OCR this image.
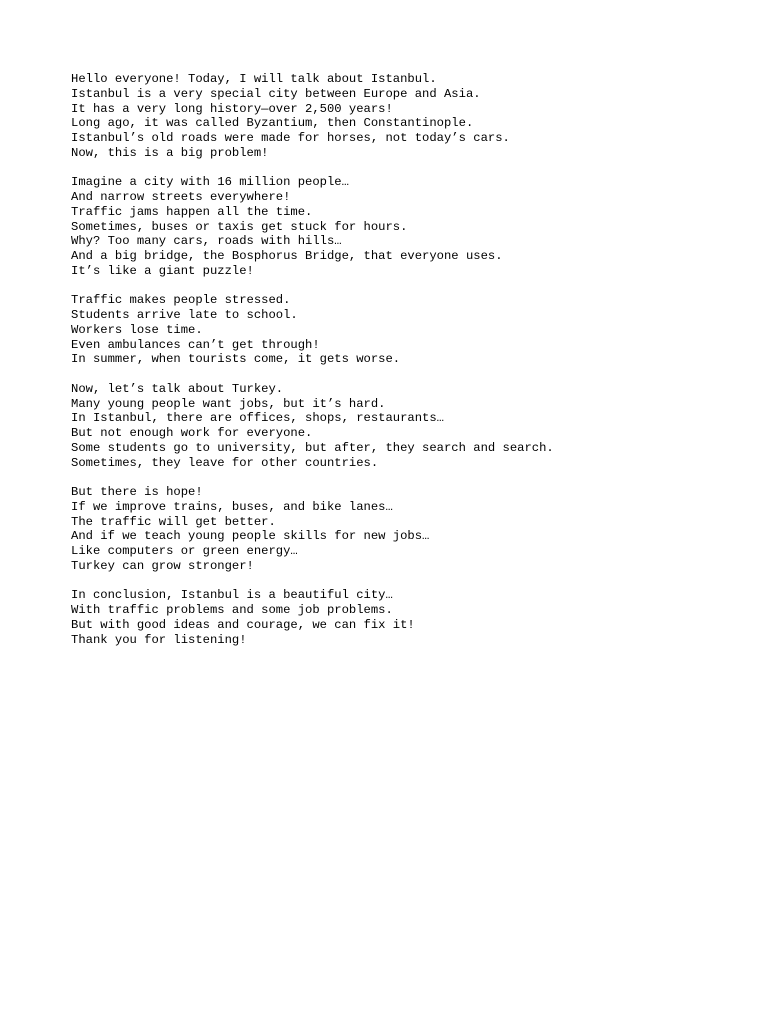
Hello everyone! Today, I will talk about Istanbul.
Istanbul is a very special city between Europe and Asia.
It has a very long history—over 2,500 years!
Long ago, it was called Byzantium, then Constantinople.
Istanbul’s old roads were made for horses, not today’s cars.
Now, this is a big problem!
Imagine a city with 16 million people…
And narrow streets everywhere!
Traffic jams happen all the time.
Sometimes, buses or taxis get stuck for hours.
Why? Too many cars, roads with hills…
And a big bridge, the Bosphorus Bridge, that everyone uses.
It’s like a giant puzzle!
Traffic makes people stressed.
Students arrive late to school.
Workers lose time.
Even ambulances can’t get through!
In summer, when tourists come, it gets worse.
Now, let’s talk about Turkey.
Many young people want jobs, but it’s hard.
In Istanbul, there are offices, shops, restaurants…
But not enough work for everyone.
Some students go to university, but after, they search and search.
Sometimes, they leave for other countries.
But there is hope!
If we improve trains, buses, and bike lanes…
The traffic will get better.
And if we teach young people skills for new jobs…
Like computers or green energy…
Turkey can grow stronger!
In conclusion, Istanbul is a beautiful city…
With traffic problems and some job problems.
But with good ideas and courage, we can fix it!
Thank you for listening!
